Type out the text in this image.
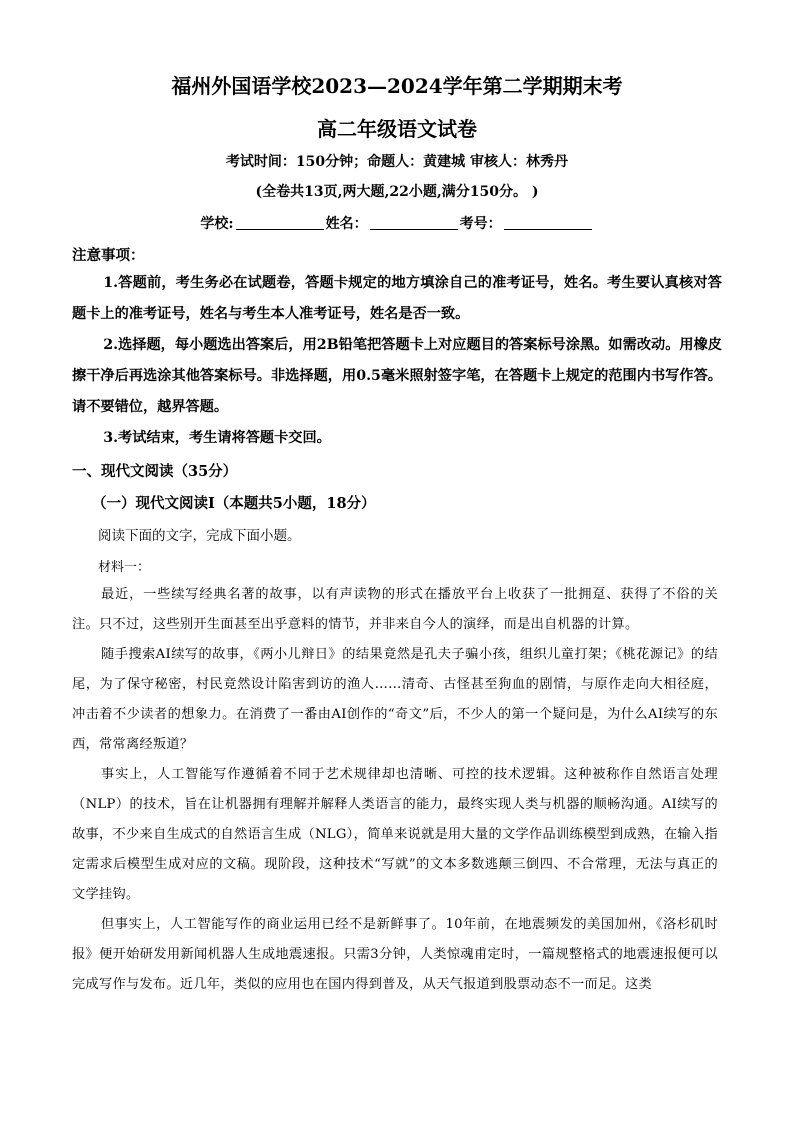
福州外国语学校2023—2024学年第二学期期末考
高二年级语文试卷
考试时间：150分钟；命题人：黄建城 审核人：林秀丹
(全卷共13页,两大题,22小题,满分150分。 )
学校:	姓名：	考号：
注意事项：

1.答题前，考生务必在试题卷，答题卡规定的地方填涂自己的准考证号，姓名。考生要认真核对答题卡上的准考证号，姓名与考生本人准考证号，姓名是否一致。

2.选择题，每小题选出答案后，用2B铅笔把答题卡上对应题目的答案标号涂黑。如需改动。用橡皮擦干净后再选涂其他答案标号。非选择题，用0.5毫米照射签字笔，在答题卡上规定的范围内书写作答。请不要错位，越界答题。

3.考试结束，考生请将答题卡交回。

一、现代文阅读（35分）
（一）现代文阅读Ⅰ（本题共5小题，18分）
阅读下面的文字，完成下面小题。
材料一：

最近，一些续写经典名著的故事，以有声读物的形式在播放平台上收获了一批拥趸、获得了不俗的关注。只不过，这些别开生面甚至出乎意料的情节，并非来自今人的演绎，而是出自机器的计算。

随手搜索AI续写的故事，《两小儿辩日》的结果竟然是孔夫子骗小孩，组织儿童打架；《桃花源记》的结尾，为了保守秘密，村民竟然设计陷害到访的渔人……清奇、古怪甚至狗血的剧情，与原作走向大相径庭，冲击着不少读者的想象力。在消费了一番由AI创作的“奇文”后，不少人的第一个疑问是，为什么AI续写的东西，常常离经叛道？

事实上，人工智能写作遵循着不同于艺术规律却也清晰、可控的技术逻辑。这种被称作自然语言处理（NLP）的技术，旨在让机器拥有理解并解释人类语言的能力，最终实现人类与机器的顺畅沟通。AI续写的故事，不少来自生成式的自然语言生成（NLG），简单来说就是用大量的文学作品训练模型到成熟，在输入指定需求后模型生成对应的文稿。现阶段，这种技术“写就”的文本多数逃颠三倒四、不合常理，无法与真正的文学挂钩。

但事实上，人工智能写作的商业运用已经不是新鲜事了。10年前，在地震频发的美国加州，《洛杉矶时报》便开始研发用新闻机器人生成地震速报。只需3分钟，人类惊魂甫定时，一篇规整格式的地震速报便可以完成写作与发布。近几年，类似的应用也在国内得到普及，从天气报道到股票动态不一而足。这类
